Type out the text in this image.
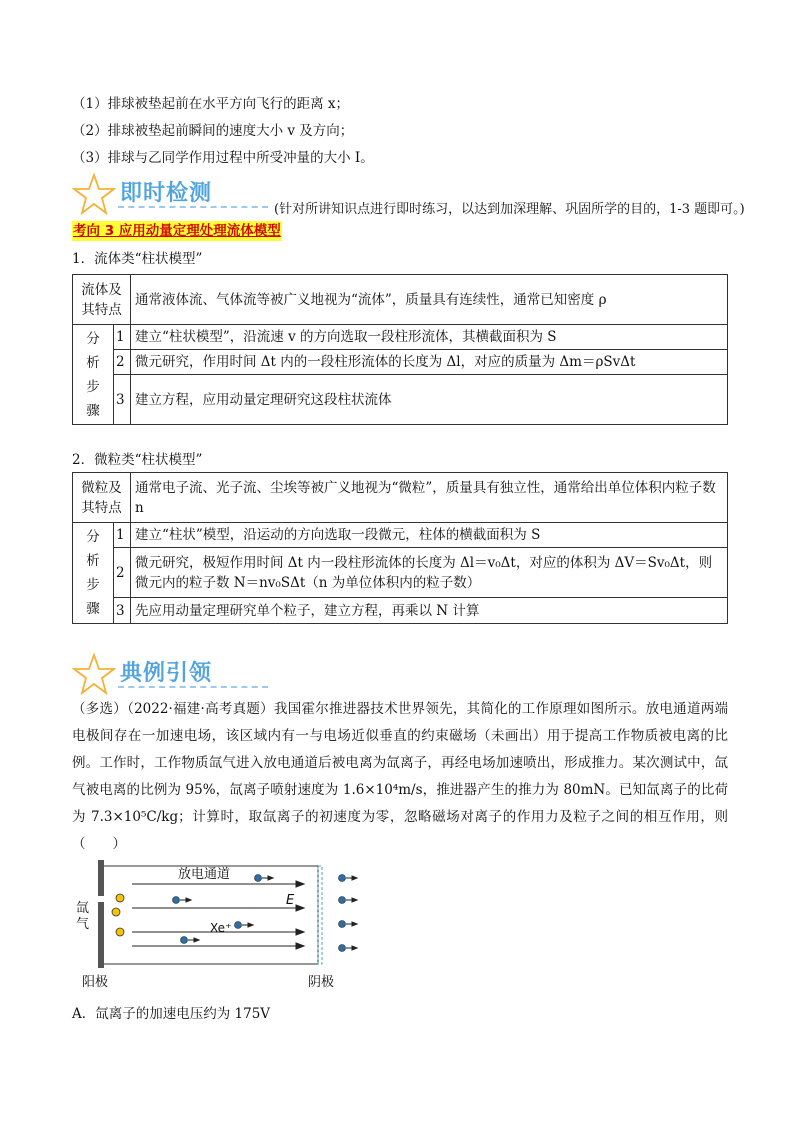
（1）排球被垫起前在水平方向飞行的距离 x；
（2）排球被垫起前瞬间的速度大小 v 及方向；
（3）排球与乙同学作用过程中所受冲量的大小 I。
即时检测
(针对所讲知识点进行即时练习，以达到加深理解、巩固所学的目的，1-3 题即可。)
考向 3 应用动量定理处理流体模型
1．流体类“柱状模型”
流体及其特点		通常液体流、气体流等被广义地视为“流体”，质量具有连续性，通常已知密度 ρ

分
析
步
骤	1	建立“柱状模型”，沿流速 v 的方向选取一段柱形流体，其横截面积为 S
	2	微元研究，作用时间 Δt 内的一段柱形流体的长度为 Δl，对应的质量为 Δm＝ρSvΔt
	3	建立方程，应用动量定理研究这段柱状流体
2．微粒类“柱状模型”
微粒及其特点		通常电子流、光子流、尘埃等被广义地视为“微粒”，质量具有独立性，通常给出单位体积内粒子数 n

分
析
步
骤	1	建立“柱状”模型，沿运动的方向选取一段微元，柱体的横截面积为 S
	2	微元研究，极短作用时间 Δt 内一段柱形流体的长度为 Δl＝v₀Δt，对应的体积为 ΔV＝Sv₀Δt，则微元内的粒子数 N＝nv₀SΔt（n 为单位体积内的粒子数）
	3	先应用动量定理研究单个粒子，建立方程，再乘以 N 计算
典例引领
（多选）（2022·福建·高考真题）我国霍尔推进器技术世界领先，其简化的工作原理如图所示。放电通道两端电极间存在一加速电场，该区域内有一与电场近似垂直的约束磁场（未画出）用于提高工作物质被电离的比例。工作时，工作物质氙气进入放电通道后被电离为氙离子，再经电场加速喷出，形成推力。某次测试中，氙气被电离的比例为 95%，氙离子喷射速度为 1.6×10⁴m/s，推进器产生的推力为 80mN。已知氙离子的比荷为 7.3×10⁵C/kg；计算时，取氙离子的初速度为零，忽略磁场对离子的作用力及粒子之间的相互作用，则（　　）
放电通道
E
Xe⁺
氙
气
阳极	阴极
A．氙离子的加速电压约为 175V
